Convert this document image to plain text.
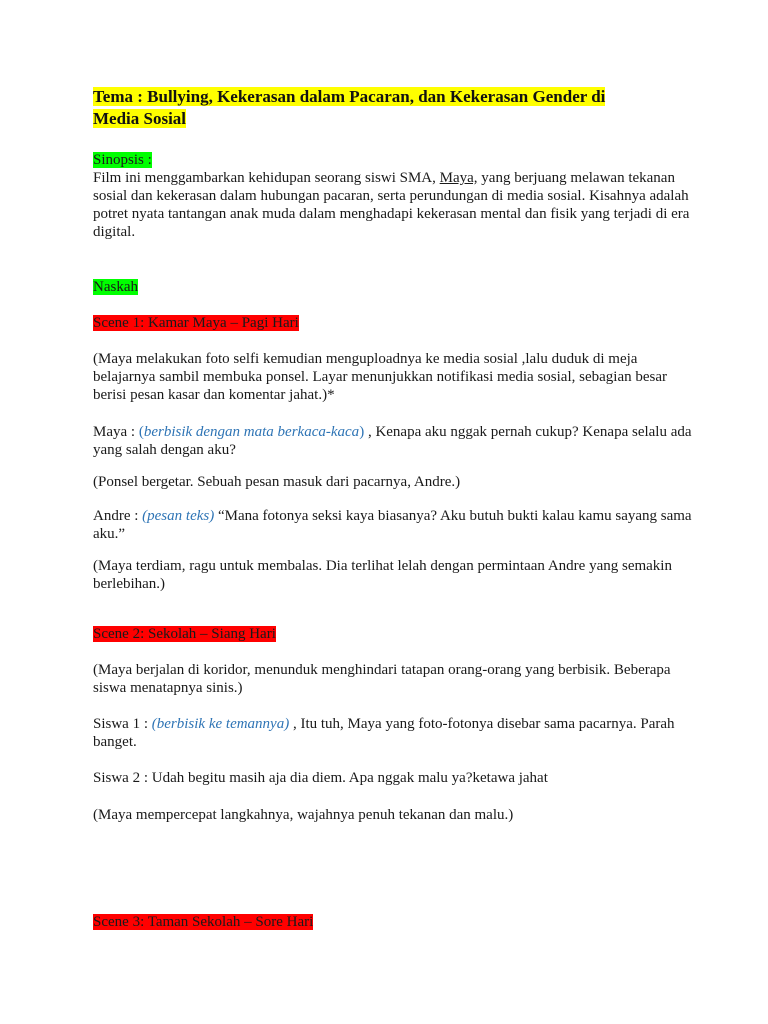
Tema : Bullying, Kekerasan dalam Pacaran, dan Kekerasan Gender di
Media Sosial
Sinopsis :
Film ini menggambarkan kehidupan seorang siswi SMA, Maya, yang berjuang melawan tekanan sosial dan kekerasan dalam hubungan pacaran, serta perundungan di media sosial. Kisahnya adalah potret nyata tantangan anak muda dalam menghadapi kekerasan mental dan fisik yang terjadi di era digital.
Naskah
Scene 1: Kamar Maya – Pagi Hari
(Maya melakukan foto selfi kemudian menguploadnya ke media sosial ,lalu duduk di meja belajarnya sambil membuka ponsel. Layar menunjukkan notifikasi media sosial, sebagian besar berisi pesan kasar dan komentar jahat.)*
Maya : (berbisik dengan mata berkaca-kaca) , Kenapa aku nggak pernah cukup? Kenapa selalu ada yang salah dengan aku?
(Ponsel bergetar. Sebuah pesan masuk dari pacarnya, Andre.)
Andre : (pesan teks) “Mana fotonya seksi kaya biasanya? Aku butuh bukti kalau kamu sayang sama aku.”
(Maya terdiam, ragu untuk membalas. Dia terlihat lelah dengan permintaan Andre yang semakin berlebihan.)
Scene 2: Sekolah – Siang Hari
(Maya berjalan di koridor, menunduk menghindari tatapan orang-orang yang berbisik. Beberapa siswa menatapnya sinis.)
Siswa 1 : (berbisik ke temannya) , Itu tuh, Maya yang foto-fotonya disebar sama pacarnya. Parah banget.
Siswa 2 : Udah begitu masih aja dia diem. Apa nggak malu ya?ketawa jahat
(Maya mempercepat langkahnya, wajahnya penuh tekanan dan malu.)
Scene 3: Taman Sekolah – Sore Hari
